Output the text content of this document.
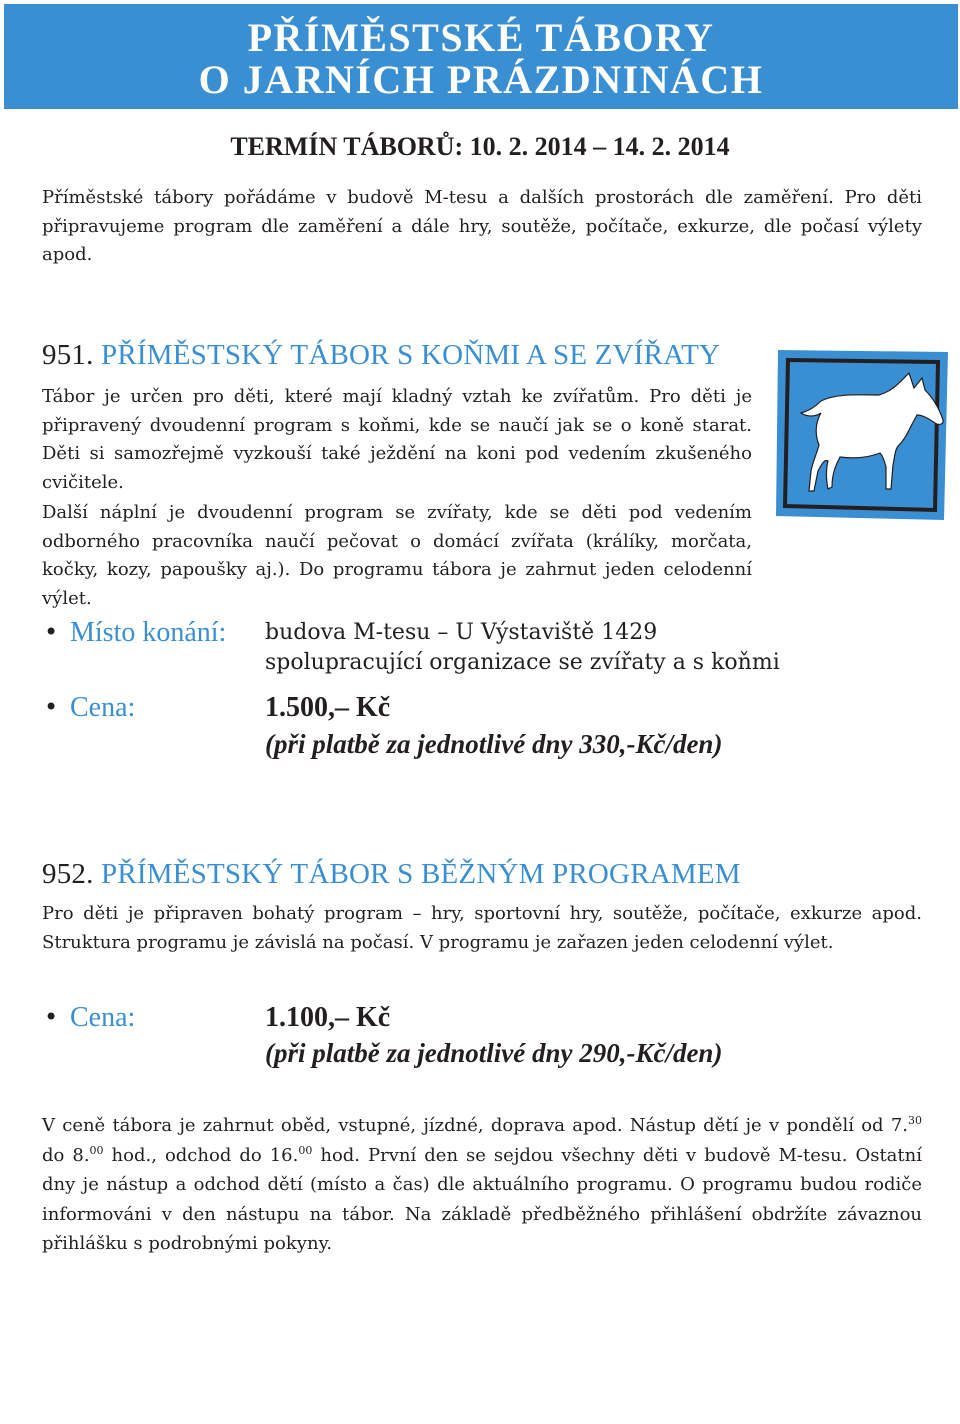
PŘÍMĚSTSKÉ TÁBORY
O JARNÍCH PRÁZDNINÁCH
TERMÍN TÁBORŮ: 10. 2. 2014 – 14. 2. 2014

Příměstské tábory pořádáme v budově M-tesu a dalších prostorách dle zaměření. Pro děti připravujeme program dle zaměření a dále hry, soutěže, počítače, exkurze, dle počasí výlety apod.

951. PŘÍMĚSTSKÝ TÁBOR S KOŇMI A SE ZVÍŘATY

Tábor je určen pro děti, které mají kladný vztah ke zvířatům. Pro děti je připravený dvoudenní program s koňmi, kde se naučí jak se o koně starat. Děti si samozřejmě vyzkouší také ježdění na koni pod vedením zkušeného cvičitele.

Další náplní je dvoudenní program se zvířaty, kde se děti pod vedením odborného pracovníka naučí pečovat o domácí zvířata (králíky, morčata, kočky, kozy, papoušky aj.). Do programu tábora je zahrnut jeden celodenní výlet.

• Místo konání: budova M-tesu – U Výstaviště 1429
spolupracující organizace se zvířaty a s koňmi
• Cena:	1.500,– Kč
(při platbě za jednotlivé dny 330,-Kč/den)
952. PŘÍMĚSTSKÝ TÁBOR S BĚŽNÝM PROGRAMEM

Pro děti je připraven bohatý program – hry, sportovní hry, soutěže, počítače, exkurze apod. Struktura programu je závislá na počasí. V programu je zařazen jeden celodenní výlet.

• Cena:	1.100,– Kč
(při platbě za jednotlivé dny 290,-Kč/den)

V ceně tábora je zahrnut oběd, vstupné, jízdné, doprava apod. Nástup dětí je v pondělí od 7.30 do 8.00 hod., odchod do 16.00 hod. První den se sejdou všechny děti v budově M-tesu. Ostatní dny je nástup a odchod dětí (místo a čas) dle aktuálního programu. O programu budou rodiče informováni v den nástupu na tábor. Na základě předběžného přihlášení obdržíte závaznou přihlášku s podrobnými pokyny.
